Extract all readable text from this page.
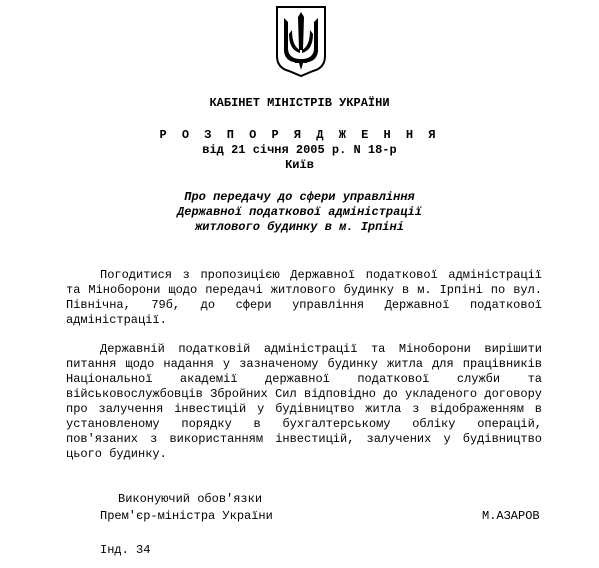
КАБІНЕТ МІНІСТРІВ УКРАЇНИ
Р О З П О Р Я Д Ж Е Н Н Я
від 21 січня 2005 р. N 18-р
Київ
Про передачу до сфери управління
Державної податкової адміністрації
житлового будинку в м. Ірпіні

Погодитися з пропозицією Державної податкової адміністрації та Міноборони щодо передачі житлового будинку в м. Ірпіні по вул. Північна, 79б, до сфери управління Державної податкової адміністрації.

Державній податковій адміністрації та Міноборони вирішити питання щодо надання у зазначеному будинку житла для працівників Національної академії державної податкової служби та військовослужбовців Збройних Сил відповідно до укладеного договору про залучення інвестицій у будівництво житла з відображенням в установленому порядку в бухгалтерському обліку операцій, пов'язаних з використанням інвестицій, залучених у будівництво цього будинку.

Виконуючий обов'язки
Прем'єр-міністра України	М.АЗАРОВ
Інд. 34
